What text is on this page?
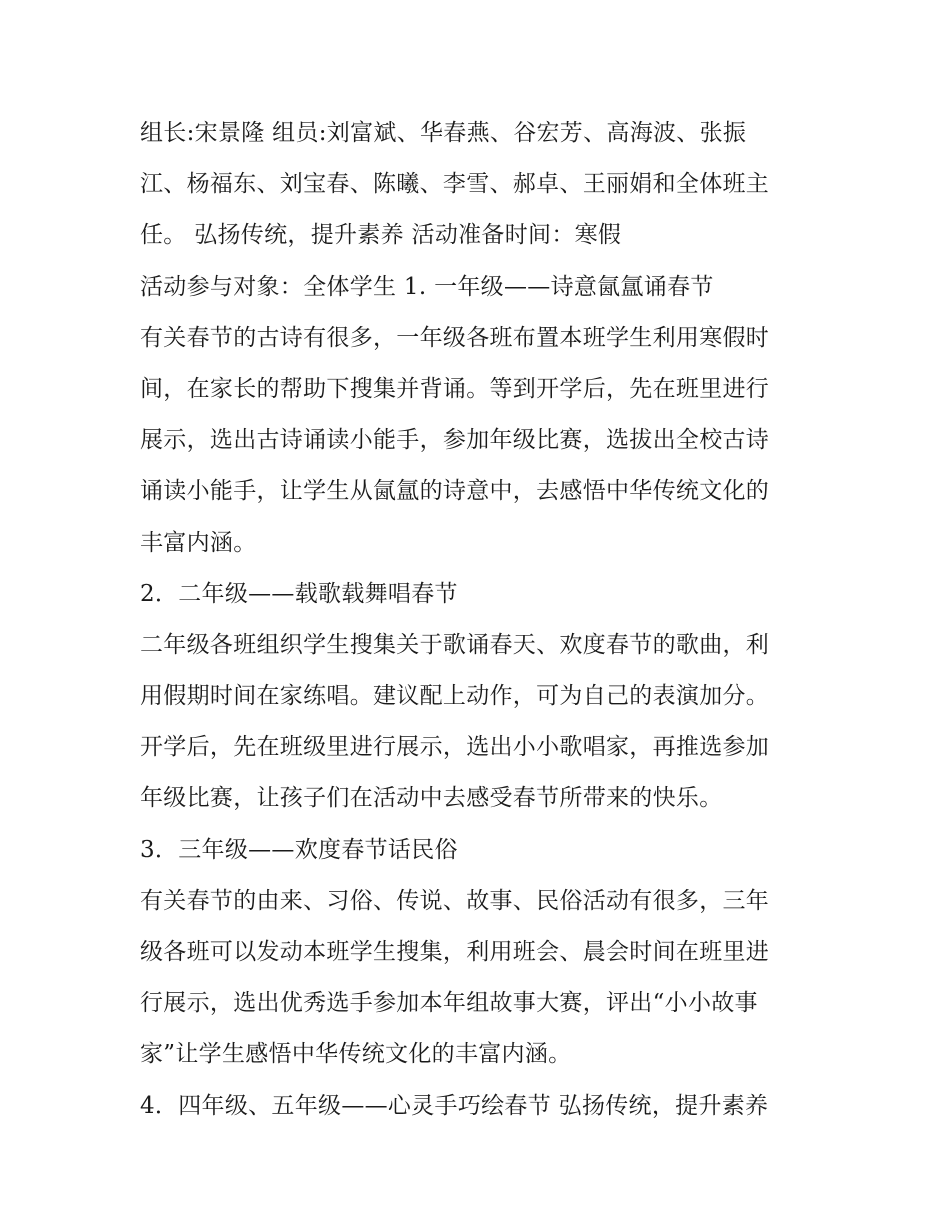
组长:宋景隆 组员:刘富斌、华春燕、谷宏芳、高海波、张振
江、杨福东、刘宝春、陈曦、李雪、郝卓、王丽娟和全体班主
任。 弘扬传统，提升素养 活动准备时间：寒假
活动参与对象：全体学生 1. 一年级——诗意氤氲诵春节
有关春节的古诗有很多，一年级各班布置本班学生利用寒假时
间，在家长的帮助下搜集并背诵。等到开学后，先在班里进行
展示，选出古诗诵读小能手，参加年级比赛，选拔出全校古诗
诵读小能手，让学生从氤氲的诗意中，去感悟中华传统文化的
丰富内涵。
2．二年级——载歌载舞唱春节
二年级各班组织学生搜集关于歌诵春天、欢度春节的歌曲，利
用假期时间在家练唱。建议配上动作，可为自己的表演加分。
开学后，先在班级里进行展示，选出小小歌唱家，再推选参加
年级比赛，让孩子们在活动中去感受春节所带来的快乐。
3．三年级——欢度春节话民俗
有关春节的由来、习俗、传说、故事、民俗活动有很多，三年
级各班可以发动本班学生搜集，利用班会、晨会时间在班里进
行展示，选出优秀选手参加本年组故事大赛，评出“小小故事
家”让学生感悟中华传统文化的丰富内涵。
4．四年级、五年级——心灵手巧绘春节 弘扬传统，提升素养
